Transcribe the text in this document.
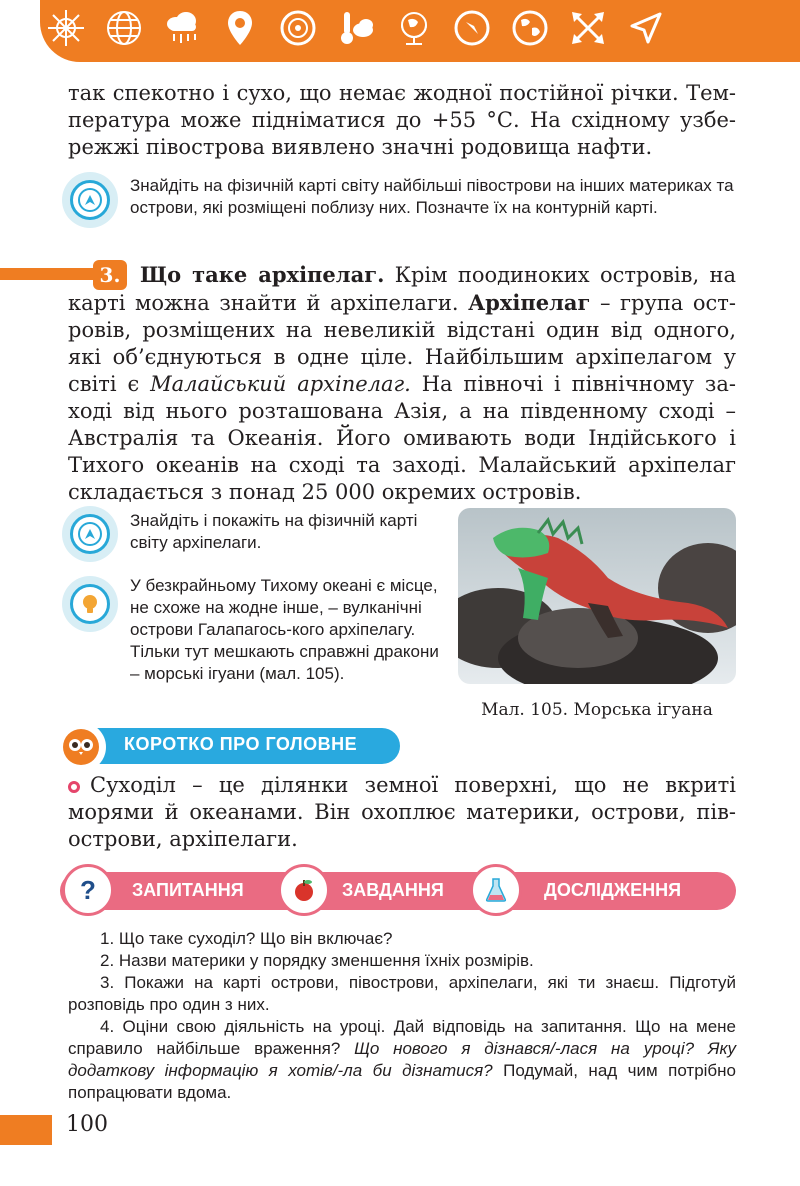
так спекотно і сухо, що немає жодної постійної річки. Тем-
пература може підніматися до +55 °С. На східному узбе-
режжі півострова виявлено значні родовища нафти.
Знайдіть на фізичній карті світу найбільші півострови на інших материках та острови, які розміщені поблизу них. Позначте їх на контурній карті.
Що таке архіпелаг. Крім поодиноких островів, на
карті можна знайти й архіпелаги. Архіпелаг – група ост-
ровів, розміщених на невеликій відстані один від одного,
які об’єднуються в одне ціле. Найбільшим архіпелагом у
світі є Малайський архіпелаг. На півночі і північному за-
ході від нього розташована Азія, а на південному сході –
Австралія та Океанія. Його омивають води Індійського і
Тихого океанів на сході та заході. Малайський архіпелаг
складається з понад 25 000 окремих островів.
3.
Знайдіть і покажіть на фізичній карті світу архіпелаги.
У безкрайньому Тихому океані є місце, не схоже на жодне інше, – вулканічні острови Галапагось-кого архіпелагу. Тільки тут мешкають справжні дракони – морські ігуани (мал. 105).
Мал. 105. Морська ігуана
КОРОТКО ПРО ГОЛОВНЕ
Суходіл – це ділянки земної поверхні, що не вкриті
морями й океанами. Він охоплює материки, острови, пів-
острови, архіпелаги.
? ЗАПИТАННЯ	ЗАВДАННЯ	ДОСЛІДЖЕННЯ
1. Що таке суходіл? Що він включає?
2. Назви материки у порядку зменшення їхніх розмірів.
3. Покажи на карті острови, півострови, архіпелаги, які ти знаєш. Підготуй розповідь про один з них.
4. Оціни свою діяльність на уроці. Дай відповідь на запитання. Що на мене справило найбільше враження? Що нового я дізнався/-лася на уроці? Яку додаткову інформацію я хотів/-ла би дізнатися? Подумай, над чим потрібно попрацювати вдома.
100
